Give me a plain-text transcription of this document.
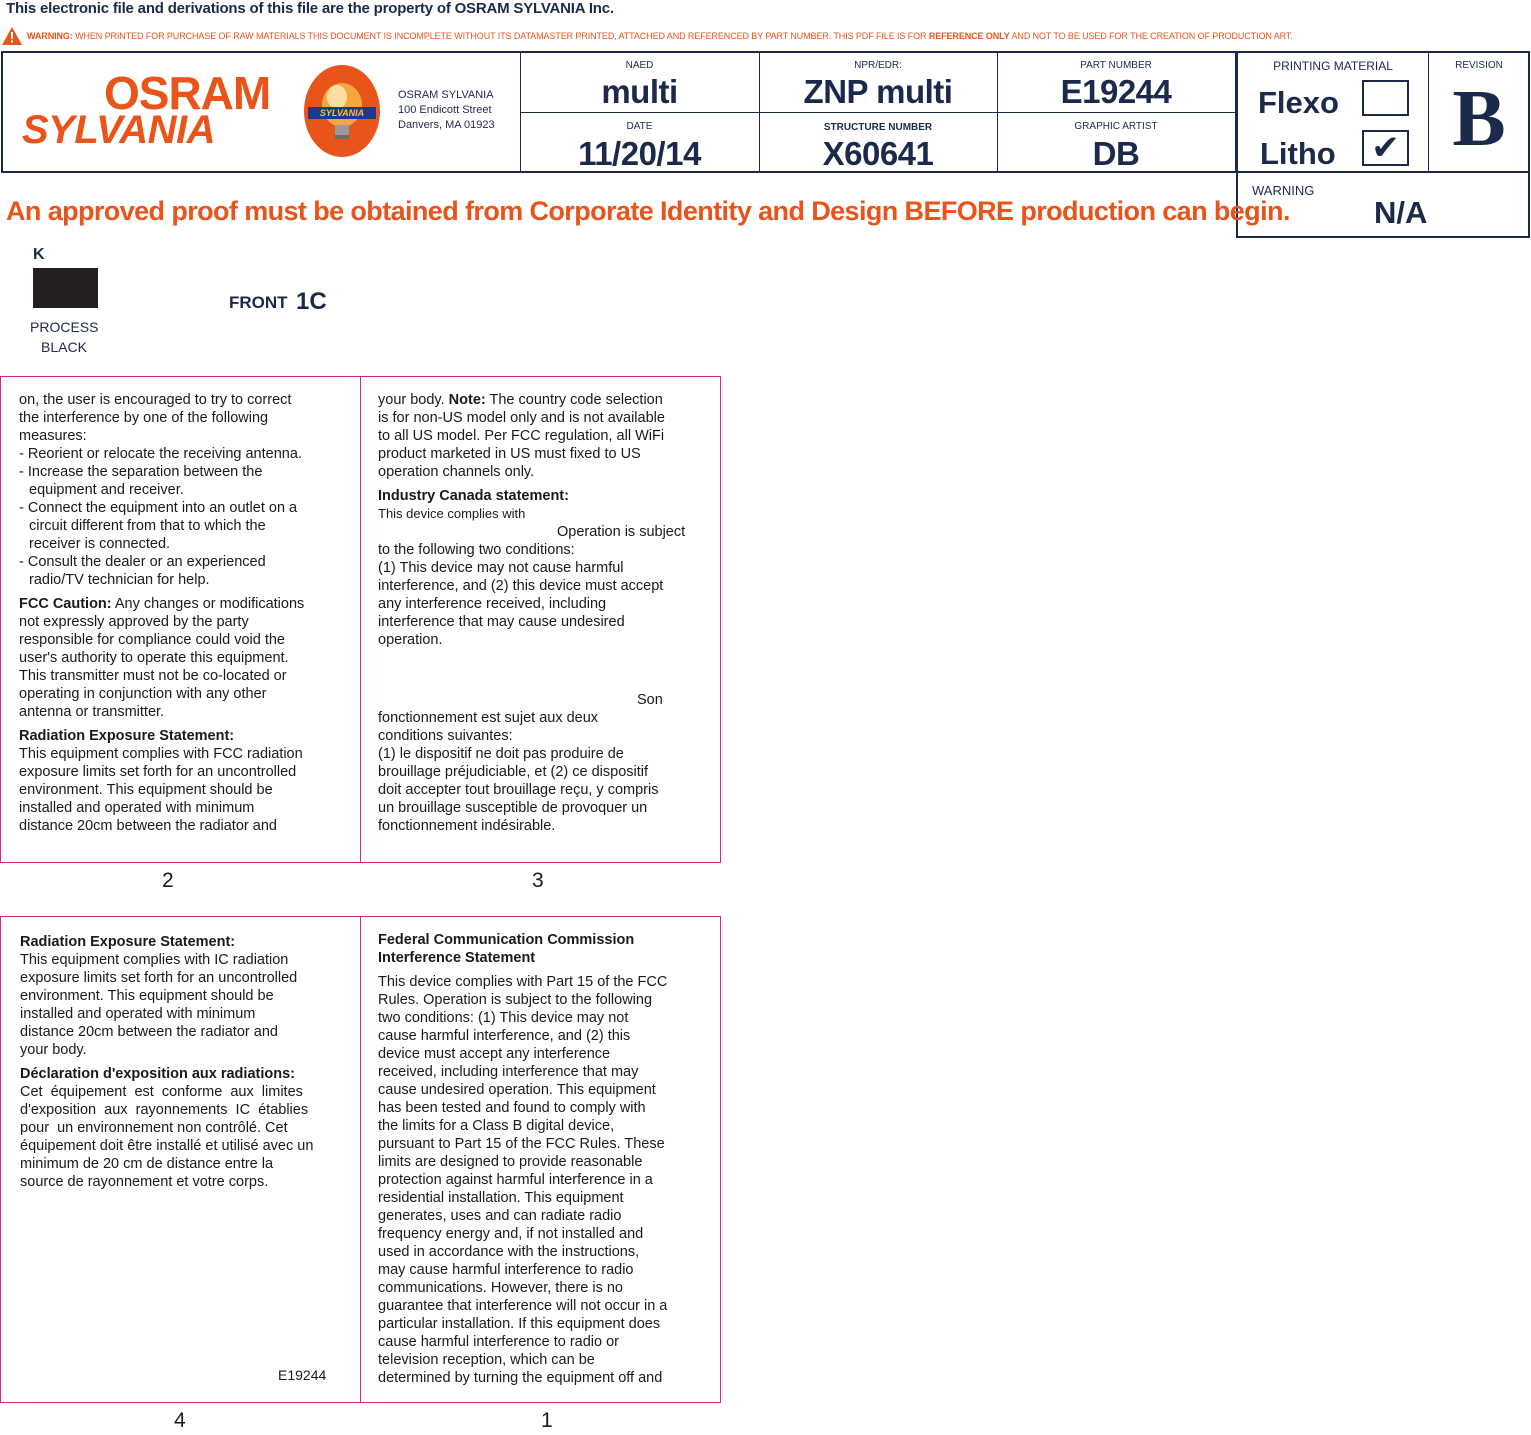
This electronic file and derivations of this file are the property of OSRAM SYLVANIA Inc.
WARNING: WHEN PRINTED FOR PURCHASE OF RAW MATERIALS THIS DOCUMENT IS INCOMPLETE WITHOUT ITS DATAMASTER PRINTED, ATTACHED AND REFERENCED BY PART NUMBER. THIS PDF FILE IS FOR REFERENCE ONLY AND NOT TO BE USED FOR THE CREATION OF PRODUCTION ART.
NAED
multi
NPR/EDR:
ZNP multi
PART NUMBER
E19244
DATE
11/20/14
STRUCTURE NUMBER
X60641
GRAPHIC ARTIST
DB
OSRAM
SYLVANIA	SYLVANIA
OSRAM SYLVANIA
100 Endicott Street
Danvers, MA 01923
PRINTING MATERIAL
Flexo
Litho ✔
REVISION
B
WARNING
N/A
An approved proof must be obtained from Corporate Identity and Design BEFORE production can begin.
K
PROCESS
BLACK
FRONT 1C

on, the user is encouraged to try to correct

the interference by one of the following

measures:

- Reorient or relocate the receiving antenna.

- Increase the separation between the

equipment and receiver.

- Connect the equipment into an outlet on a

circuit different from that to which the

receiver is connected.

- Consult the dealer or an experienced

radio/TV technician for help.

FCC Caution: Any changes or modifications

not expressly approved by the party

responsible for compliance could void the

user's authority to operate this equipment.

This transmitter must not be co-located or

operating in conjunction with any other

antenna or transmitter.

Radiation Exposure Statement:

This equipment complies with FCC radiation

exposure limits set forth for an uncontrolled

environment. This equipment should be

installed and operated with minimum

distance 20cm between the radiator and

your body. Note: The country code selection

is for non-US model only and is not available

to all US model. Per FCC regulation, all WiFi

product marketed in US must fixed to US

operation channels only.

Industry Canada statement:

This device complies with

Operation is subject

to the following two conditions:

(1) This device may not cause harmful

interference, and (2) this device must accept

any interference received, including

interference that may cause undesired

operation.

Son

fonctionnement est sujet aux deux

conditions suivantes:

(1) le dispositif ne doit pas produire de

brouillage préjudiciable, et (2) ce dispositif

doit accepter tout brouillage reçu, y compris

un brouillage susceptible de provoquer un

fonctionnement indésirable.

2	3

Radiation Exposure Statement:

This equipment complies with IC radiation

exposure limits set forth for an uncontrolled

environment. This equipment should be

installed and operated with minimum

distance 20cm between the radiator and

your body.

Déclaration d'exposition aux radiations:

Cet  équipement  est  conforme  aux  limites

d'exposition  aux  rayonnements  IC  établies

pour  un environnement non contrôlé. Cet

équipement doit être installé et utilisé avec un

minimum de 20 cm de distance entre la

source de rayonnement et votre corps.

E19244

Federal Communication Commission

Interference Statement

This device complies with Part 15 of the FCC

Rules. Operation is subject to the following

two conditions: (1) This device may not

cause harmful interference, and (2) this

device must accept any interference

received, including interference that may

cause undesired operation. This equipment

has been tested and found to comply with

the limits for a Class B digital device,

pursuant to Part 15 of the FCC Rules. These

limits are designed to provide reasonable

protection against harmful interference in a

residential installation. This equipment

generates, uses and can radiate radio

frequency energy and, if not installed and

used in accordance with the instructions,

may cause harmful interference to radio

communications. However, there is no

guarantee that interference will not occur in a

particular installation. If this equipment does

cause harmful interference to radio or

television reception, which can be

determined by turning the equipment off and

4	1
